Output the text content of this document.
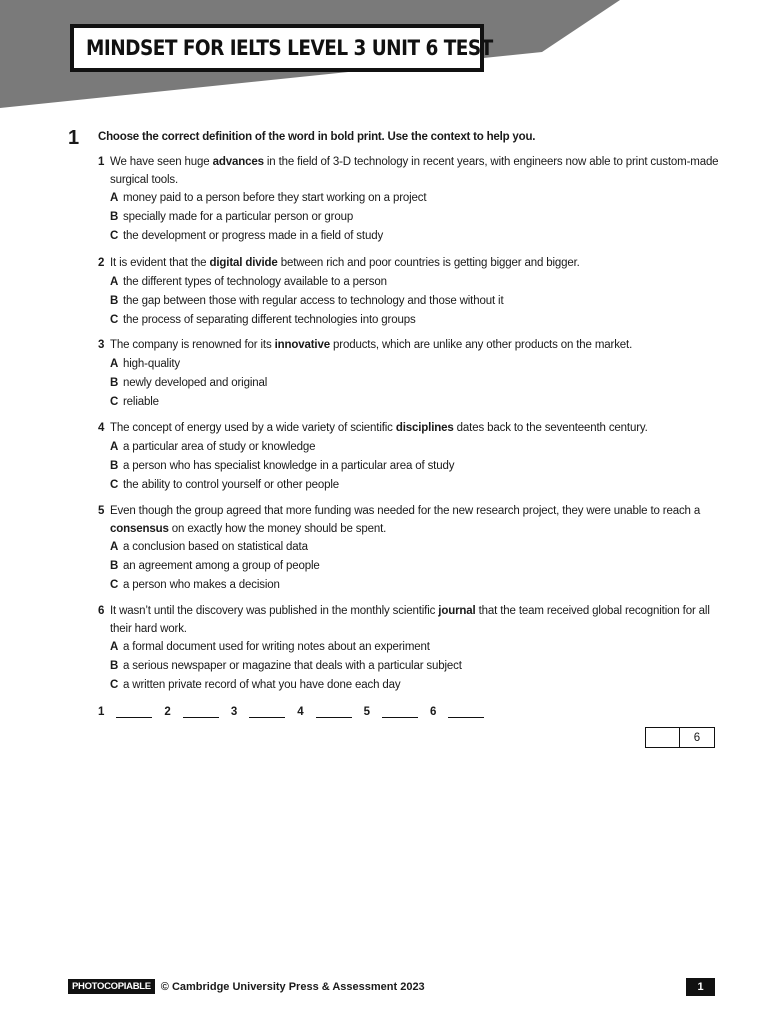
MINDSET FOR IELTS LEVEL 3 UNIT 6 TEST
1 Choose the correct definition of the word in bold print. Use the context to help you.
1 We have seen huge advances in the field of 3-D technology in recent years, with engineers now able to print custom-made surgical tools.
A money paid to a person before they start working on a project
B specially made for a particular person or group
C the development or progress made in a field of study
2 It is evident that the digital divide between rich and poor countries is getting bigger and bigger.
A the different types of technology available to a person
B the gap between those with regular access to technology and those without it
C the process of separating different technologies into groups
3 The company is renowned for its innovative products, which are unlike any other products on the market.
A high-quality
B newly developed and original
C reliable
4 The concept of energy used by a wide variety of scientific disciplines dates back to the seventeenth century.
A a particular area of study or knowledge
B a person who has specialist knowledge in a particular area of study
C the ability to control yourself or other people
5 Even though the group agreed that more funding was needed for the new research project, they were unable to reach a consensus on exactly how the money should be spent.
A a conclusion based on statistical data
B an agreement among a group of people
C a person who makes a decision
6 It wasn’t until the discovery was published in the monthly scientific journal that the team received global recognition for all their hard work.
A a formal document used for writing notes about an experiment
B a serious newspaper or magazine that deals with a particular subject
C a written private record of what you have done each day
1	2	3	4	5	6
6
PHOTOCOPIABLE © Cambridge University Press & Assessment 2023	1
